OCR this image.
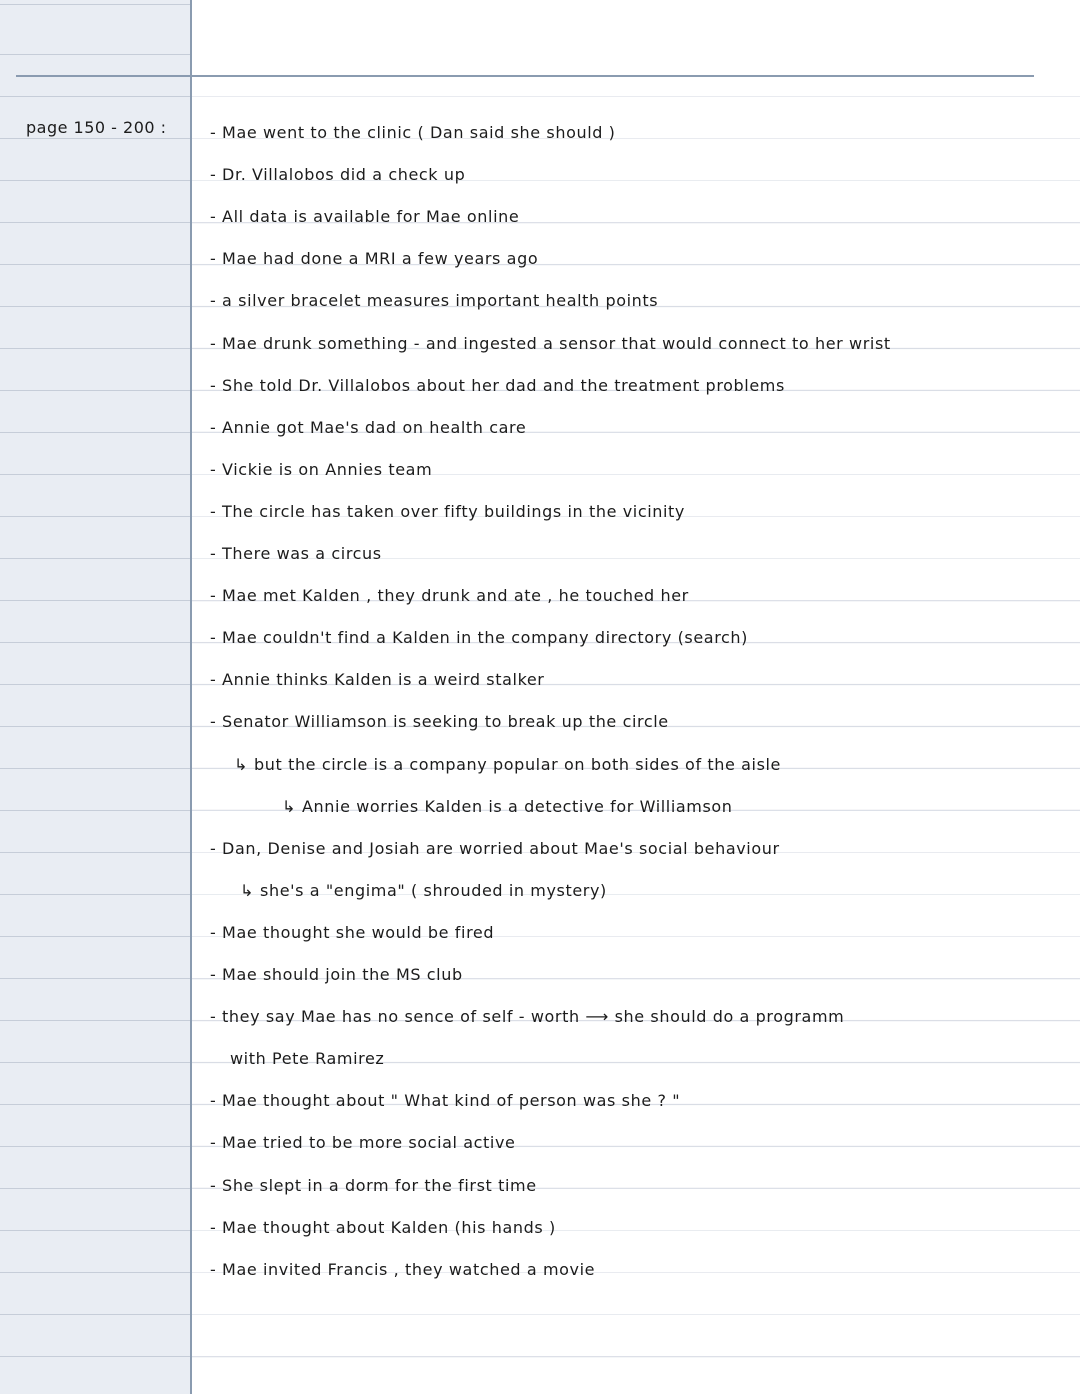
page 150 - 200 :	- Mae went to the clinic ( Dan said she should )
- Dr. Villalobos did a check up
- All data is available for Mae online
- Mae had done a MRI a few years ago
- a silver bracelet measures important health points
- Mae drunk something - and ingested a sensor that would connect to her wrist
- She told Dr. Villalobos about her dad and the treatment problems
- Annie got Mae's dad on health care
- Vickie is on Annies team
- The circle has taken over fifty buildings in the vicinity
- There was a circus
- Mae met Kalden , they drunk and ate , he touched her
- Mae couldn't find a Kalden in the company directory (search)
- Annie thinks Kalden is a weird stalker
- Senator Williamson is seeking to break up the circle
↳ but the circle is a company popular on both sides of the aisle
↳ Annie worries Kalden is a detective for Williamson
- Dan, Denise and Josiah are worried about Mae's social behaviour
↳ she's a "engima" ( shrouded in mystery)
- Mae thought she would be fired
- Mae should join the MS club
- they say Mae has no sence of self - worth ⟶ she should do a programm
with Pete Ramirez
- Mae thought about " What kind of person was she ? "
- Mae tried to be more social active
- She slept in a dorm for the first time
- Mae thought about Kalden (his hands )
- Mae invited Francis , they watched a movie
